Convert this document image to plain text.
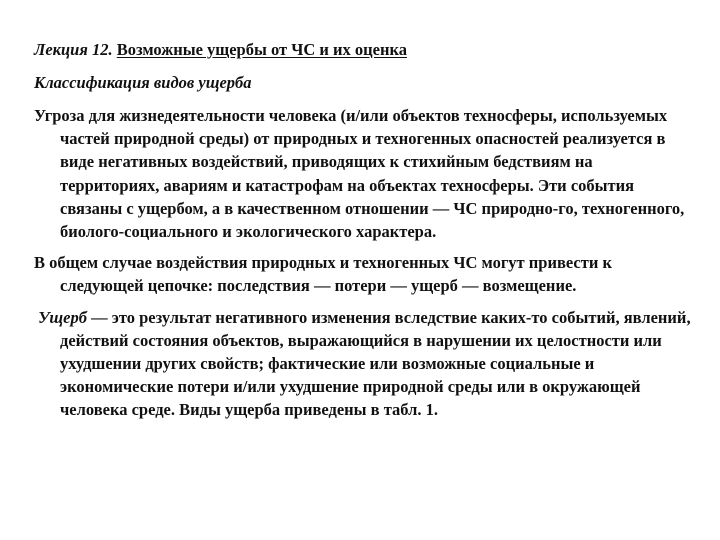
Лекция 12. Возможные ущербы от ЧС и их оценка
Классификация видов ущерба

Угроза для жизнедеятельности человека (и/или объектов техносферы, используемых частей природной среды) от природных и техногенных опасностей реализуется в виде негативных воздействий, приводящих к стихийным бедствиям на территориях, авариям и катастрофам на объектах техносферы. Эти события связаны с ущербом, а в качественном отношении — ЧС природно-го, техногенного, биолого-социального и экологического характера.

В общем случае воздействия природных и техногенных ЧС могут привести к следующей цепочке: последствия — потери — ущерб — возмещение.

Ущерб — это результат негативного изменения вследствие каких-то событий, явлений, действий состояния объектов, выражающийся в нарушении их целостности или ухудшении других свойств; фактические или возможные социальные и экономические потери и/или ухудшение природной среды или в окружающей человека среде. Виды ущерба приведены в табл. 1.
